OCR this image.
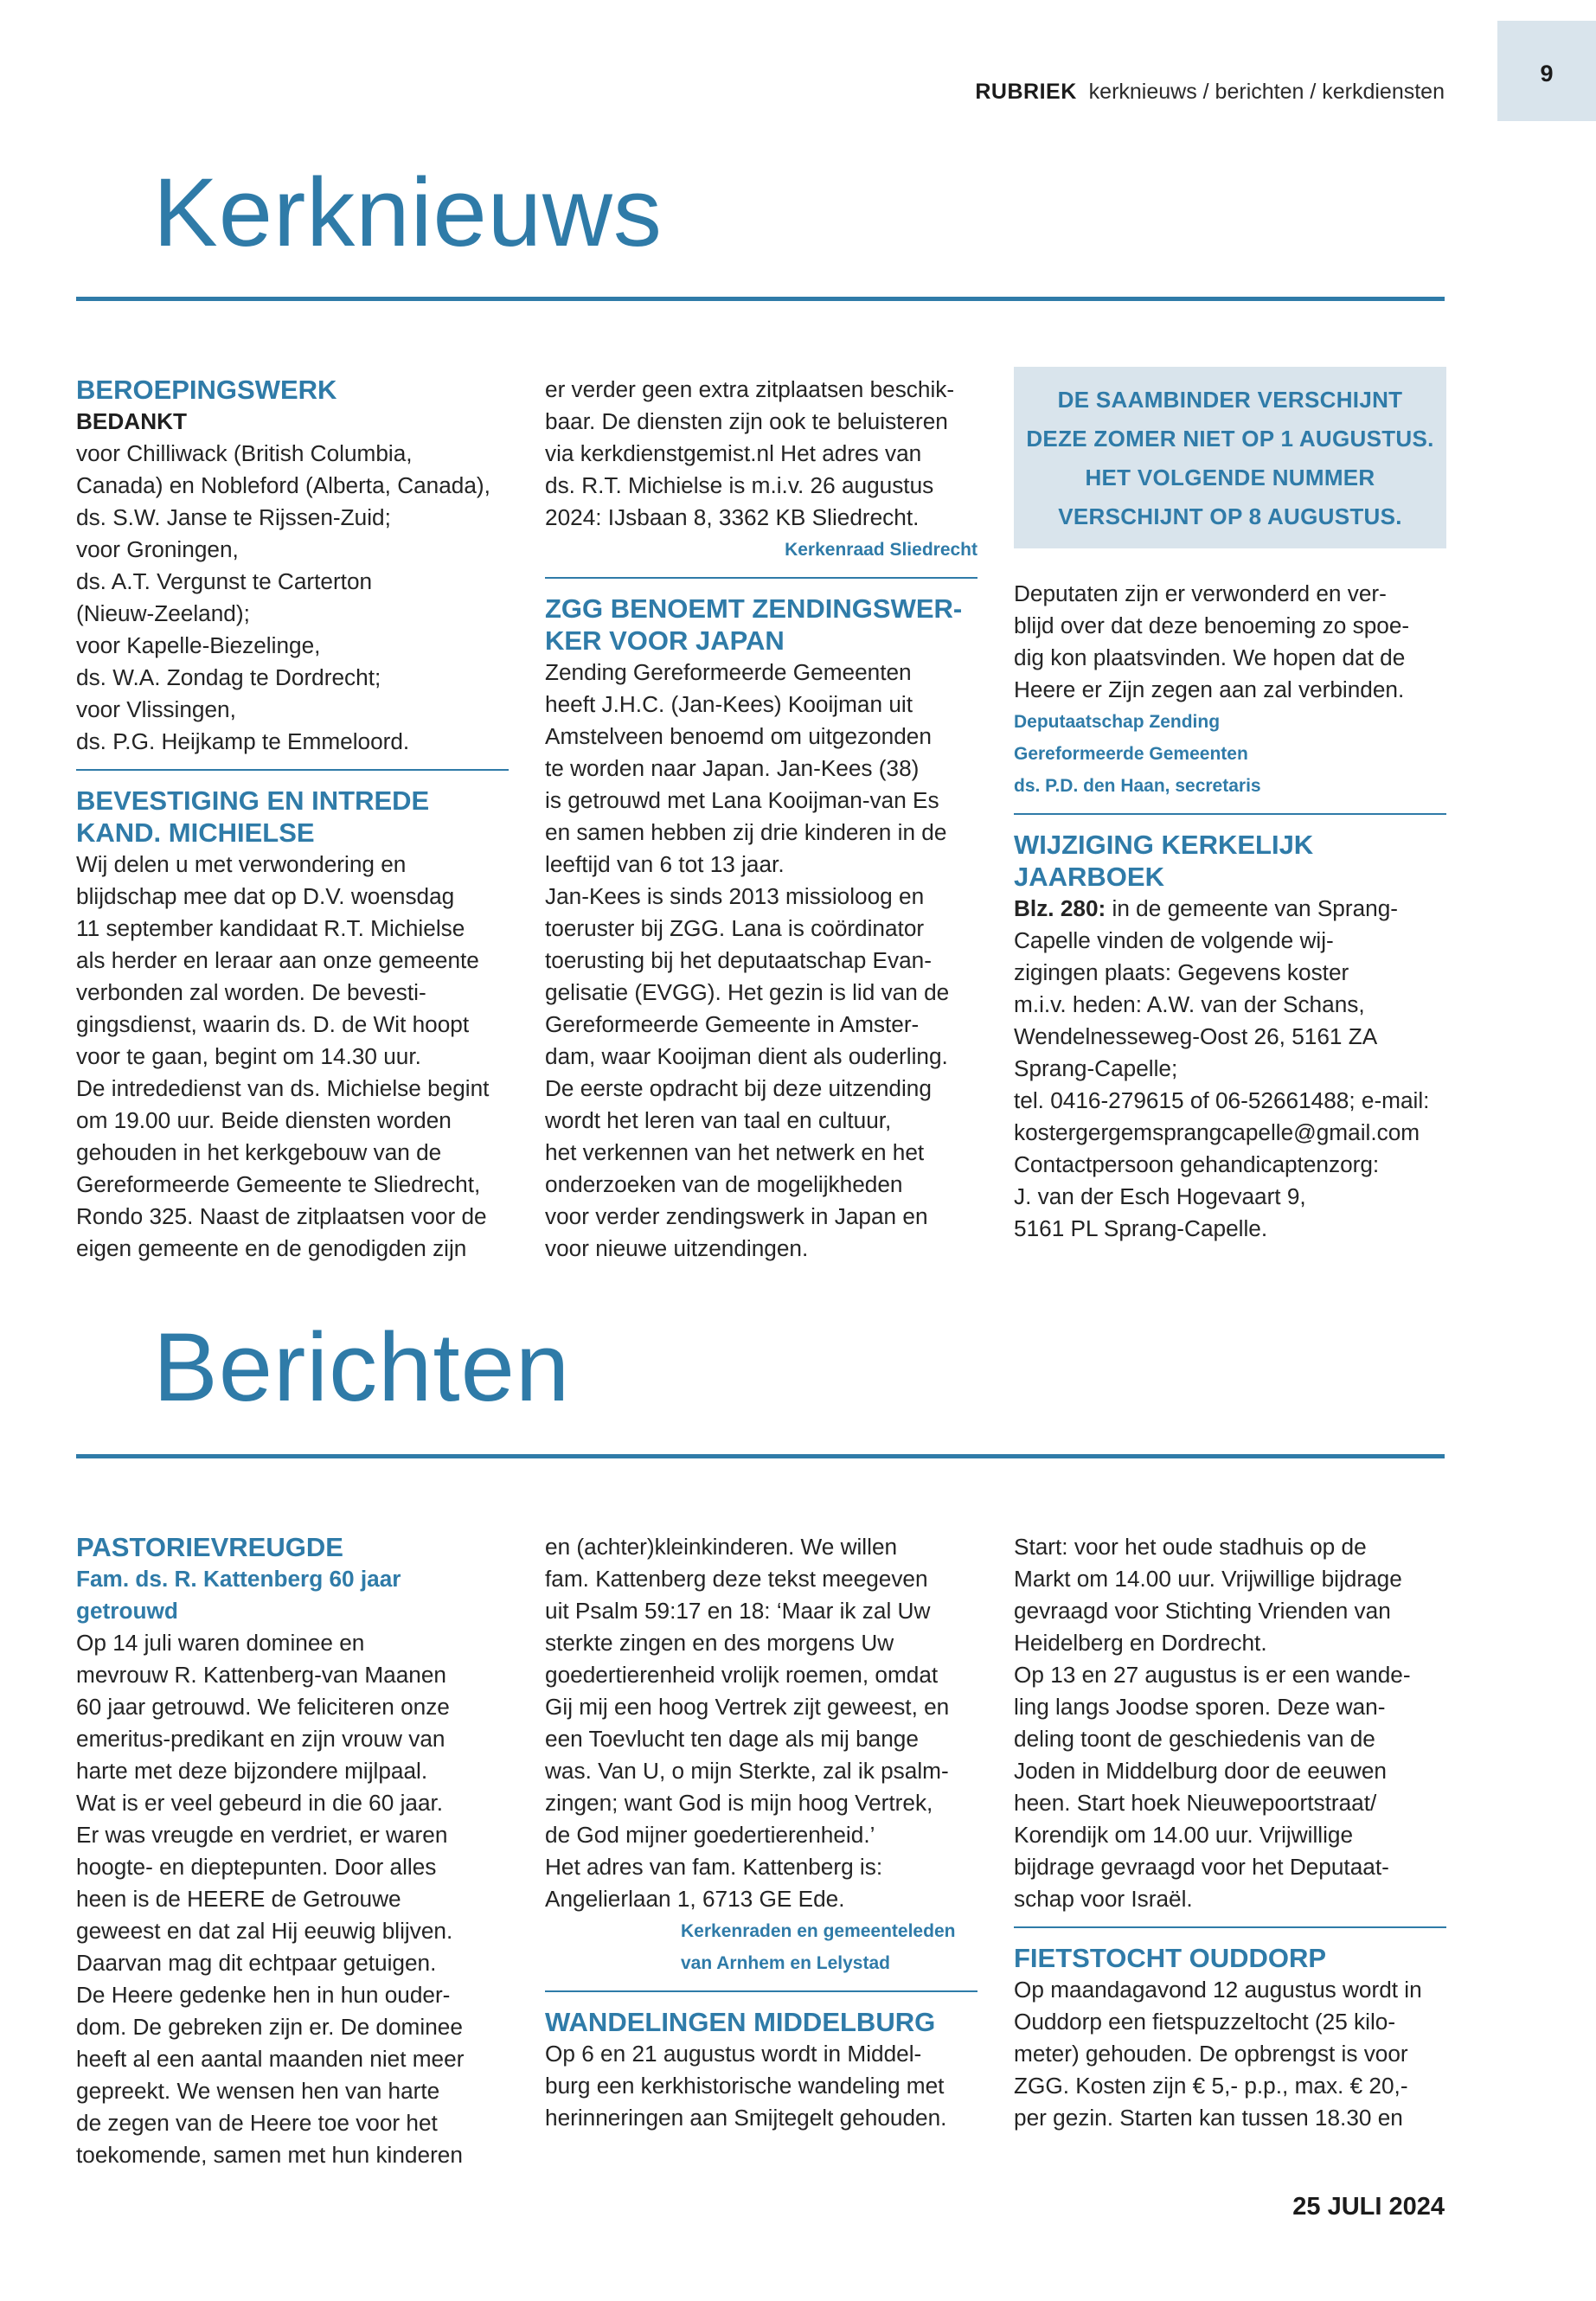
RUBRIEK kerknieuws / berichten / kerkdiensten
9
Kerknieuws

BEROEPINGSWERK

BEDANKT

voor Chilliwack (British Columbia,

Canada) en Nobleford (Alberta, Canada),

ds. S.W. Janse te Rijssen-Zuid;

voor Groningen,

ds. A.T. Vergunst te Carterton

(Nieuw-Zeeland);

voor Kapelle-Biezelinge,

ds. W.A. Zondag te Dordrecht;

voor Vlissingen,

ds. P.G. Heijkamp te Emmeloord.

BEVESTIGING EN INTREDE

KAND. MICHIELSE

Wij delen u met verwondering en

blijdschap mee dat op D.V. woensdag

11 september kandidaat R.T. Michielse

als herder en leraar aan onze gemeente

verbonden zal worden. De bevesti-

gingsdienst, waarin ds. D. de Wit hoopt

voor te gaan, begint om 14.30 uur.

De intrededienst van ds. Michielse begint

om 19.00 uur. Beide diensten worden

gehouden in het kerkgebouw van de

Gereformeerde Gemeente te Sliedrecht,

Rondo 325. Naast de zitplaatsen voor de

eigen gemeente en de genodigden zijn

er verder geen extra zitplaatsen beschik-

baar. De diensten zijn ook te beluisteren

via kerkdienstgemist.nl Het adres van

ds. R.T. Michielse is m.i.v. 26 augustus

2024: IJsbaan 8, 3362 KB Sliedrecht.

Kerkenraad Sliedrecht

ZGG BENOEMT ZENDINGSWER-

KER VOOR JAPAN

Zending Gereformeerde Gemeenten

heeft J.H.C. (Jan-Kees) Kooijman uit

Amstelveen benoemd om uitgezonden

te worden naar Japan. Jan-Kees (38)

is getrouwd met Lana Kooijman-van Es

en samen hebben zij drie kinderen in de

leeftijd van 6 tot 13 jaar.

Jan-Kees is sinds 2013 missioloog en

toeruster bij ZGG. Lana is coördinator

toerusting bij het deputaatschap Evan-

gelisatie (EVGG). Het gezin is lid van de

Gereformeerde Gemeente in Amster-

dam, waar Kooijman dient als ouderling.

De eerste opdracht bij deze uitzending

wordt het leren van taal en cultuur,

het verkennen van het netwerk en het

onderzoeken van de mogelijkheden

voor verder zendingswerk in Japan en

voor nieuwe uitzendingen.

DE SAAMBINDER VERSCHIJNT
DEZE ZOMER NIET OP 1 AUGUSTUS.
HET VOLGENDE NUMMER
VERSCHIJNT OP 8 AUGUSTUS.

Deputaten zijn er verwonderd en ver-

blijd over dat deze benoeming zo spoe-

dig kon plaatsvinden. We hopen dat de

Heere er Zijn zegen aan zal verbinden.

Deputaatschap Zending

Gereformeerde Gemeenten

ds. P.D. den Haan, secretaris

WIJZIGING KERKELIJK

JAARBOEK

Blz. 280: in de gemeente van Sprang-

Capelle vinden de volgende wij-

zigingen plaats: Gegevens koster

m.i.v. heden: A.W. van der Schans,

Wendelnesseweg-Oost 26, 5161 ZA

Sprang-Capelle;

tel. 0416-279615 of 06-52661488; e-mail:

kostergergemsprangcapelle@gmail.com

Contactpersoon gehandicaptenzorg:

J. van der Esch Hogevaart 9,

5161 PL Sprang-Capelle.

Berichten

PASTORIEVREUGDE

Fam. ds. R. Kattenberg 60 jaar getrouwd

Op 14 juli waren dominee en

mevrouw R. Kattenberg-van Maanen

60 jaar getrouwd. We feliciteren onze

emeritus-predikant en zijn vrouw van

harte met deze bijzondere mijlpaal.

Wat is er veel gebeurd in die 60 jaar.

Er was vreugde en verdriet, er waren

hoogte- en dieptepunten. Door alles

heen is de HEERE de Getrouwe

geweest en dat zal Hij eeuwig blijven.

Daarvan mag dit echtpaar getuigen.

De Heere gedenke hen in hun ouder-

dom. De gebreken zijn er. De dominee

heeft al een aantal maanden niet meer

gepreekt. We wensen hen van harte

de zegen van de Heere toe voor het

toekomende, samen met hun kinderen

en (achter)kleinkinderen. We willen

fam. Kattenberg deze tekst meegeven

uit Psalm 59:17 en 18: ‘Maar ik zal Uw

sterkte zingen en des morgens Uw

goedertierenheid vrolijk roemen, omdat

Gij mij een hoog Vertrek zijt geweest, en

een Toevlucht ten dage als mij bange

was. Van U, o mijn Sterkte, zal ik psalm-

zingen; want God is mijn hoog Vertrek,

de God mijner goedertierenheid.’

Het adres van fam. Kattenberg is:

Angelierlaan 1, 6713 GE Ede.

Kerkenraden en gemeenteleden

van Arnhem en Lelystad

WANDELINGEN MIDDELBURG

Op 6 en 21 augustus wordt in Middel-

burg een kerkhistorische wandeling met

herinneringen aan Smijtegelt gehouden.

Start: voor het oude stadhuis op de

Markt om 14.00 uur. Vrijwillige bijdrage

gevraagd voor Stichting Vrienden van

Heidelberg en Dordrecht.

Op 13 en 27 augustus is er een wande-

ling langs Joodse sporen. Deze wan-

deling toont de geschiedenis van de

Joden in Middelburg door de eeuwen

heen. Start hoek Nieuwepoortstraat/

Korendijk om 14.00 uur. Vrijwillige

bijdrage gevraagd voor het Deputaat-

schap voor Israël.

FIETSTOCHT OUDDORP

Op maandagavond 12 augustus wordt in

Ouddorp een fietspuzzeltocht (25 kilo-

meter) gehouden. De opbrengst is voor

ZGG. Kosten zijn € 5,- p.p., max. € 20,-

per gezin. Starten kan tussen 18.30 en

25 JULI 2024
